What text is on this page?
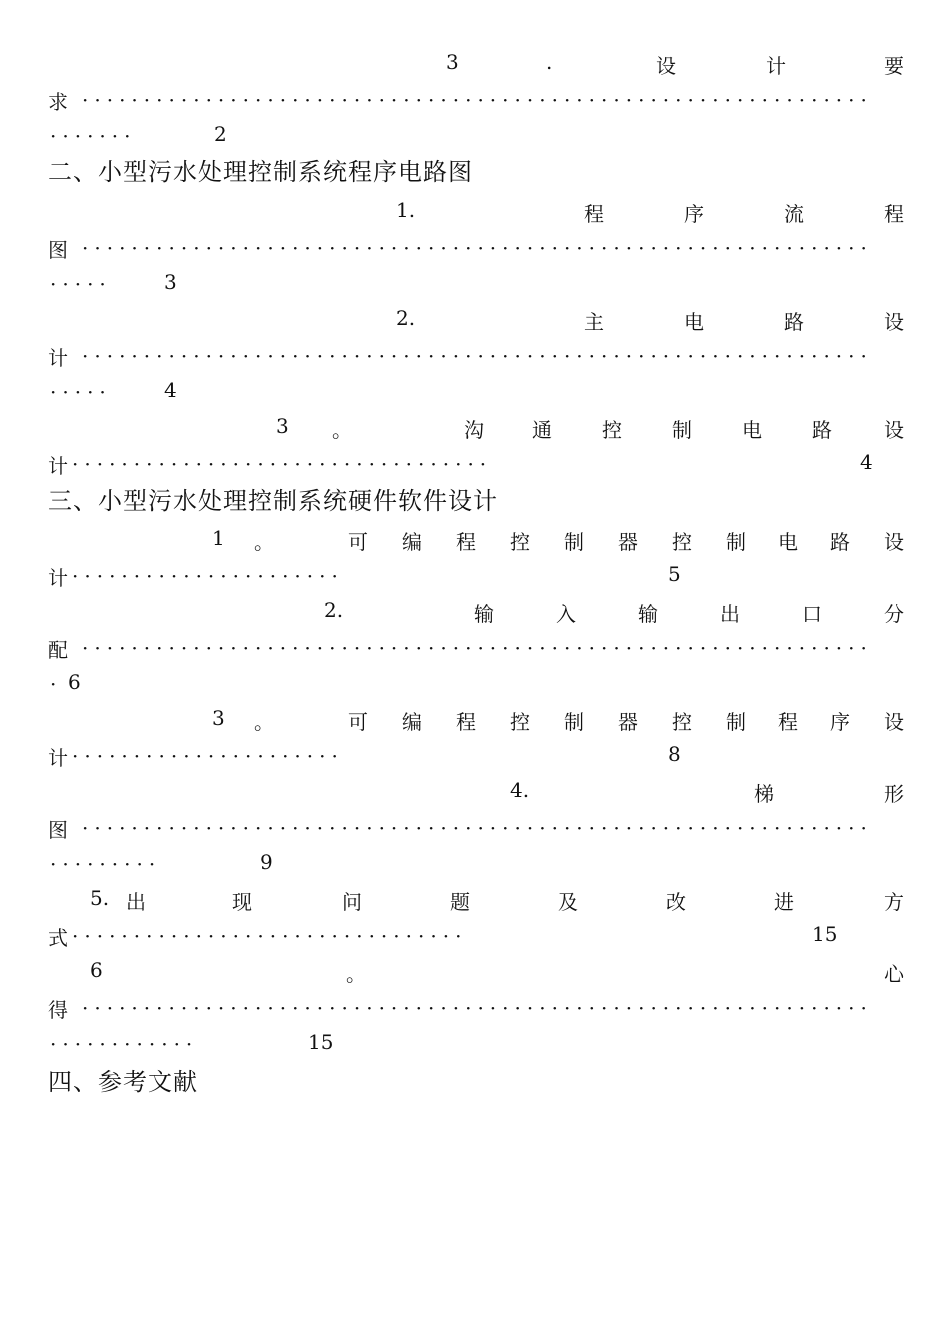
3	.	设	计	要
求 ································································
·······	2
二、小型污水处理控制系统程序电路图
1.	程	序	流	程
图 ································································
·····	3
2.	主	电	路	设
计 ································································
·····	4
3 。	沟 通	控	制	电	路	设
计 ··································	4
三、小型污水处理控制系统硬件软件设计
1 。	可 编 程 控 制 器 控 制 电 路 设
计 ······················	5
2.	输	入	输	出	口	分
配 ································································
· 6
3 。	可 编 程 控 制 器 控 制 程 序 设
计 ······················	8
4.	梯	形
图 ································································
·········	9
5. 出	现	问	题	及	改	进	方
式 ································	15
6	。	心
得 ································································
············	15
四、参考文献
